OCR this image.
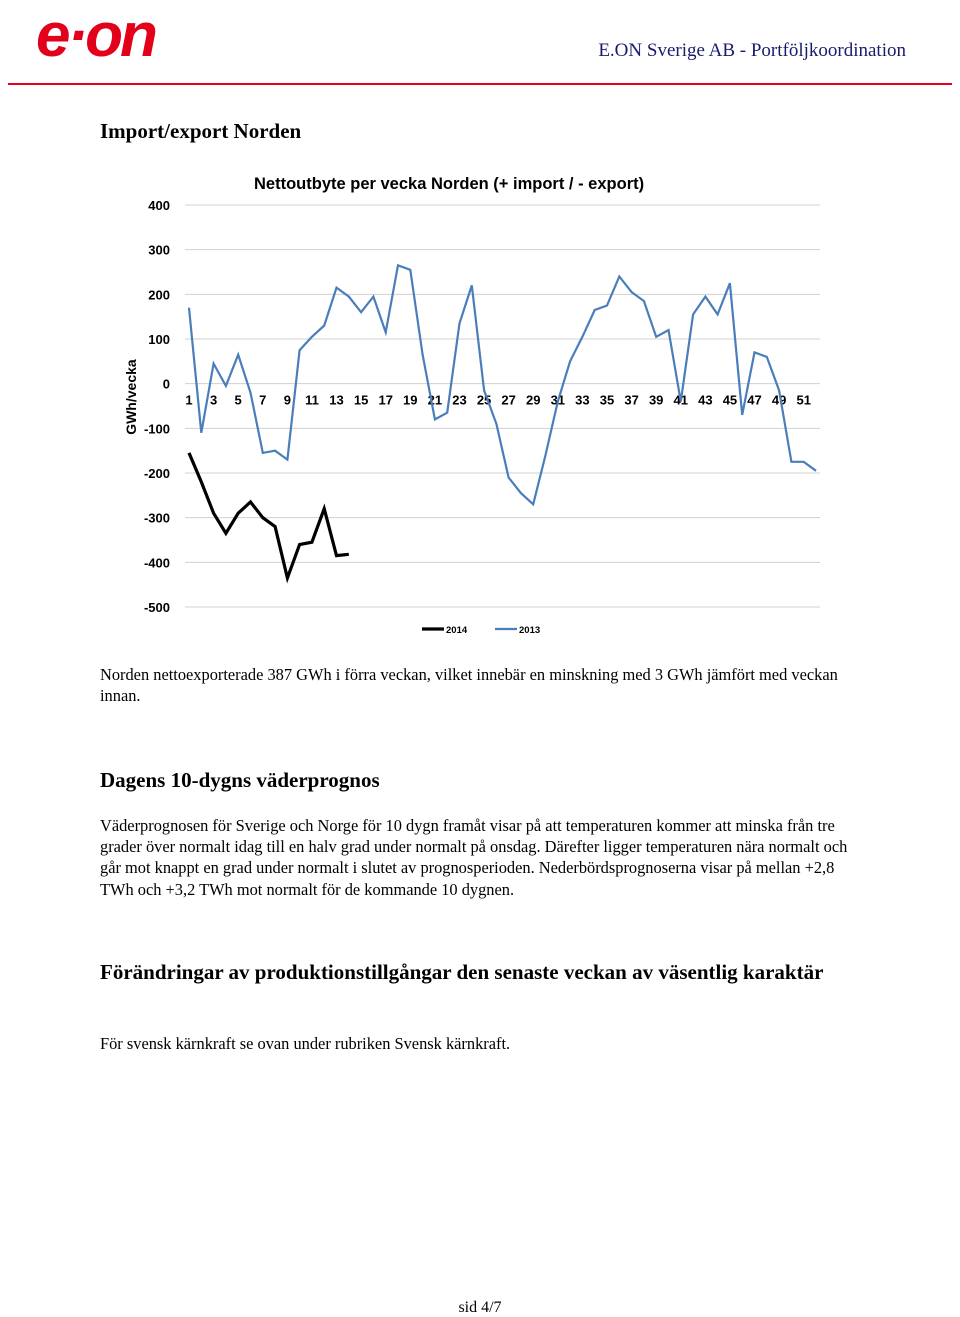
e·on	E.ON Sverige AB - Portföljkoordination
Import/export Norden
Nettoutbyte per vecka Norden (+ import / - export)
400
300
200
100
0
-100
-200
-300
-400
-500
GWh/vecka	1 3 5 7 9 11 13 15 17 19 21 23 25 27 29 31 33 35 37 39 41 43 45 47 49 51
2014	2013
Norden nettoexporterade 387 GWh i förra veckan, vilket innebär en minskning med 3 GWh jämfört med veckan innan.
Dagens 10-dygns väderprognos
Väderprognosen för Sverige och Norge för 10 dygn framåt visar på att temperaturen kommer att minska från tre grader över normalt idag till en halv grad under normalt på onsdag. Därefter ligger temperaturen nära normalt och går mot knappt en grad under normalt i slutet av prognosperioden. Nederbördsprognoserna visar på mellan +2,8 TWh och +3,2 TWh mot normalt för de kommande 10 dygnen.
Förändringar av produktionstillgångar den senaste veckan av väsentlig karaktär
För svensk kärnkraft se ovan under rubriken Svensk kärnkraft.
sid 4/7
